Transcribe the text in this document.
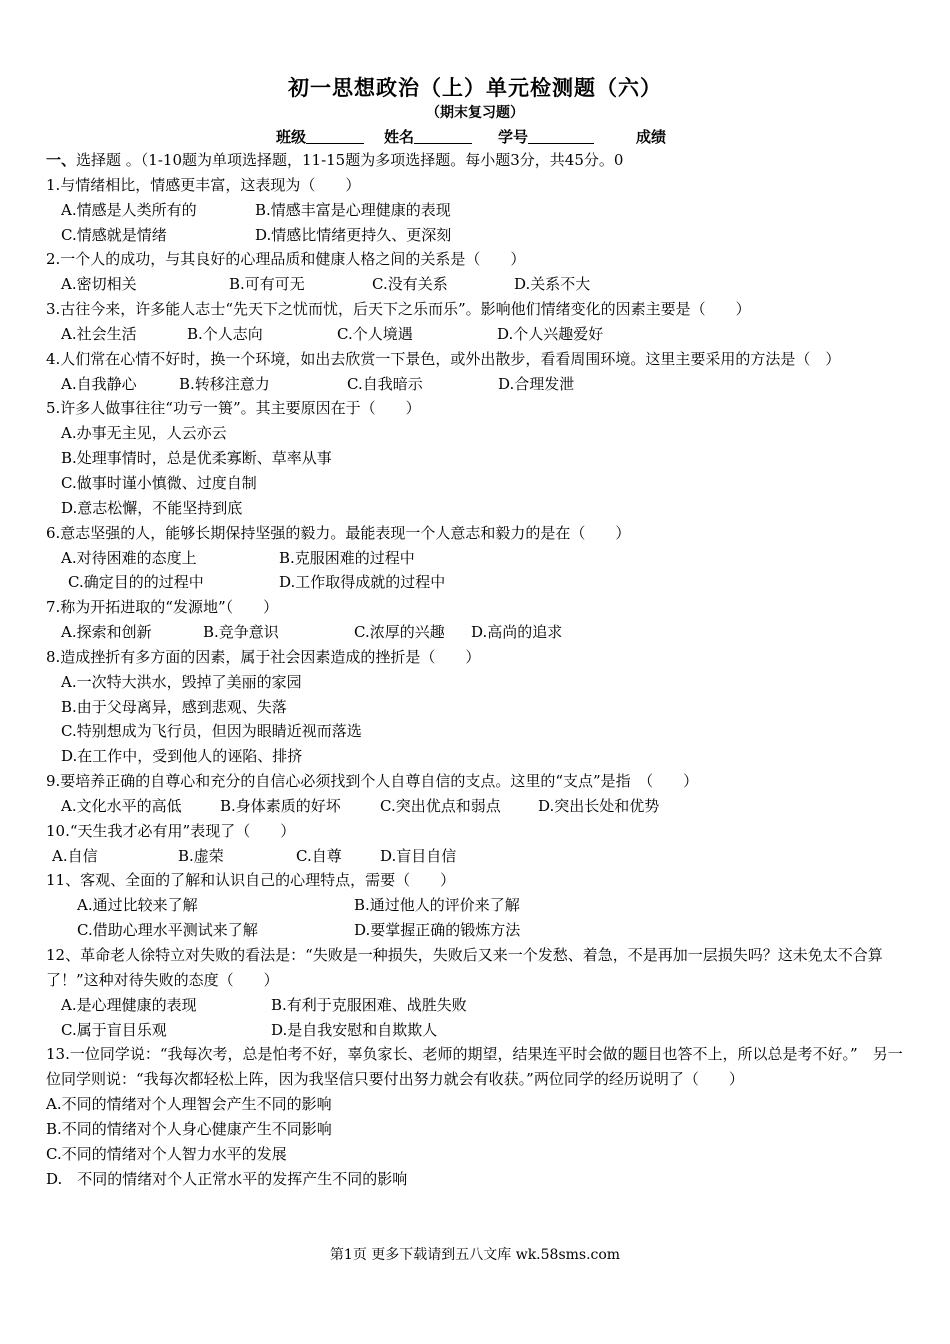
初一思想政治（上）单元检测题（六）
（期末复习题）
班级	姓名	学号	成绩
一、选择题 。（1-10题为单项选择题，11-15题为多项选择题。每小题3分，共45分。0
1.与情绪相比，情感更丰富，这表现为（　　）
A.情感是人类所有的	B.情感丰富是心理健康的表现
C.情感就是情绪	D.情感比情绪更持久、更深刻
2.一个人的成功，与其良好的心理品质和健康人格之间的关系是（　　）
A.密切相关	B.可有可无	C.没有关系	D.关系不大
3.古往今来，许多能人志士“先天下之忧而忧，后天下之乐而乐”。影响他们情绪变化的因素主要是（　　）
A.社会生活	B.个人志向	C.个人境遇	D.个人兴趣爱好
4.人们常在心情不好时，换一个环境，如出去欣赏一下景色，或外出散步，看看周围环境。这里主要采用的方法是（　）
A.自我静心	B.转移注意力	C.自我暗示	D.合理发泄
5.许多人做事往往“功亏一篑”。其主要原因在于（　　）
A.办事无主见，人云亦云
B.处理事情时，总是优柔寡断、草率从事
C.做事时谨小慎微、过度自制
D.意志松懈，不能坚持到底
6.意志坚强的人，能够长期保持坚强的毅力。最能表现一个人意志和毅力的是在（　　）
A.对待困难的态度上	B.克服困难的过程中
C.确定目的的过程中	D.工作取得成就的过程中
7.称为开拓进取的“发源地”（　　）
A.探索和创新	B.竞争意识	C.浓厚的兴趣 D.高尚的追求
8.造成挫折有多方面的因素，属于社会因素造成的挫折是（　　）
A.一次特大洪水，毁掉了美丽的家园
B.由于父母离异，感到悲观、失落
C.特别想成为飞行员，但因为眼睛近视而落选
D.在工作中，受到他人的诬陷、排挤
9.要培养正确的自尊心和充分的自信心必须找到个人自尊自信的支点。这里的“支点”是指　（　　）
A.文化水平的高低	B.身体素质的好坏	C.突出优点和弱点 D.突出长处和优势
10.“天生我才必有用”表现了（　　）
A.自信	B.虚荣	C.自尊	D.盲目自信
11、客观、全面的了解和认识自己的心理特点，需要（　　）
A.通过比较来了解	B.通过他人的评价来了解
C.借助心理水平测试来了解	D.要掌握正确的锻炼方法
12、革命老人徐特立对失败的看法是：“失败是一种损失，失败后又来一个发愁、着急，不是再加一层损失吗？这未免太不合算了！”这种对待失败的态度（　　）
A.是心理健康的表现	B.有利于克服困难、战胜失败
C.属于盲目乐观	D.是自我安慰和自欺欺人
13.一位同学说：“我每次考，总是怕考不好，辜负家长、老师的期望，结果连平时会做的题目也答不上，所以总是考不好。”　另一位同学则说：“我每次都轻松上阵，因为我坚信只要付出努力就会有收获。”两位同学的经历说明了（　　）
A.不同的情绪对个人理智会产生不同的影响
B.不同的情绪对个人身心健康产生不同影响
C.不同的情绪对个人智力水平的发展
D.　不同的情绪对个人正常水平的发挥产生不同的影响
第1页 更多下载请到五八文库 wk.58sms.com
